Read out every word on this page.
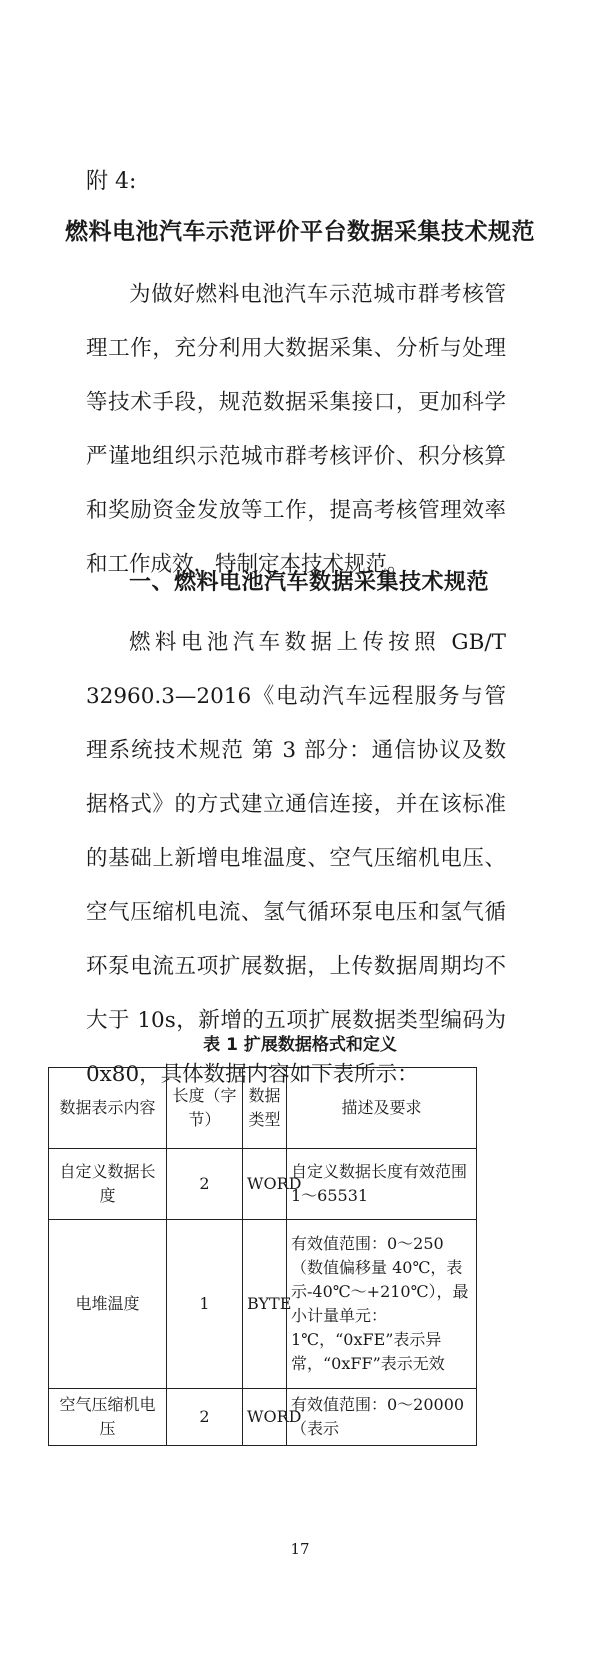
附 4:
燃料电池汽车示范评价平台数据采集技术规范

为做好燃料电池汽车示范城市群考核管理工作，充分利用大数据采集、分析与处理等技术手段，规范数据采集接口，更加科学严谨地组织示范城市群考核评价、积分核算和奖励资金发放等工作，提高考核管理效率和工作成效，特制定本技术规范。

一、燃料电池汽车数据采集技术规范

燃料电池汽车数据上传按照 GB/T 32960.3—2016《电动汽车远程服务与管理系统技术规范 第 3 部分：通信协议及数据格式》的方式建立通信连接，并在该标准的基础上新增电堆温度、空气压缩机电压、空气压缩机电流、氢气循环泵电压和氢气循环泵电流五项扩展数据，上传数据周期均不大于 10s，新增的五项扩展数据类型编码为 0x80，具体数据内容如下表所示：

表 1 扩展数据格式和定义
数据表示内容	长度（字节）	数据类型	描述及要求
自定义数据长度	2	WORD	自定义数据长度有效范围 1～65531
电堆温度	1	BYTE	有效值范围：0～250 （数值偏移量 40℃，表示-40℃～+210℃），最小计量单元：1℃，“0xFE”表示异常，“0xFF”表示无效
空气压缩机电压	2	WORD	有效值范围：0～20000（表示
17
